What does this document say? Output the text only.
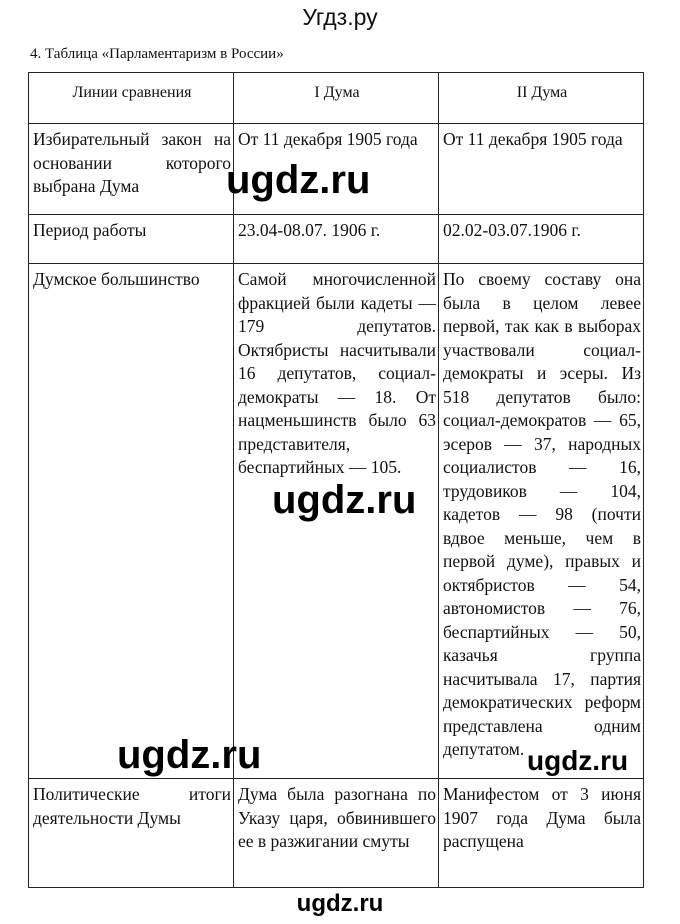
Угдз.ру
4. Таблица «Парламентаризм в России»
Линии сравнения	I Дума	II Дума
Избирательный закон на основании которого выбрана Дума	От 11 декабря 1905 года	От 11 декабря 1905 года
Период работы	23.04-08.07. 1906 г.	02.02-03.07.1906 г.
Думское большинство	Самой многочисленной фракцией были кадеты — 179 депутатов. Октябристы насчитывали 16 депутатов, социал-демократы — 18. От нацменьшинств было 63 представителя, беспартийных — 105.	По своему составу она была в целом левее первой, так как в выборах участвовали социал-демократы и эсеры. Из 518 депутатов было: социал-демократов — 65, эсеров — 37, народных социалистов — 16, трудовиков — 104, кадетов — 98 (почти вдвое меньше, чем в первой думе), правых и октябристов — 54, автономистов — 76, беспартийных — 50, казачья группа насчитывала 17, партия демократических реформ представлена одним депутатом.
Политические итоги деятельности Думы	Дума была разогнана по Указу царя, обвинившего ее в разжигании смуты	Манифестом от 3 июня 1907 года Дума была распущена
ugdz.ru
ugdz.ru
ugdz.ru	ugdz.ru
ugdz.ru
